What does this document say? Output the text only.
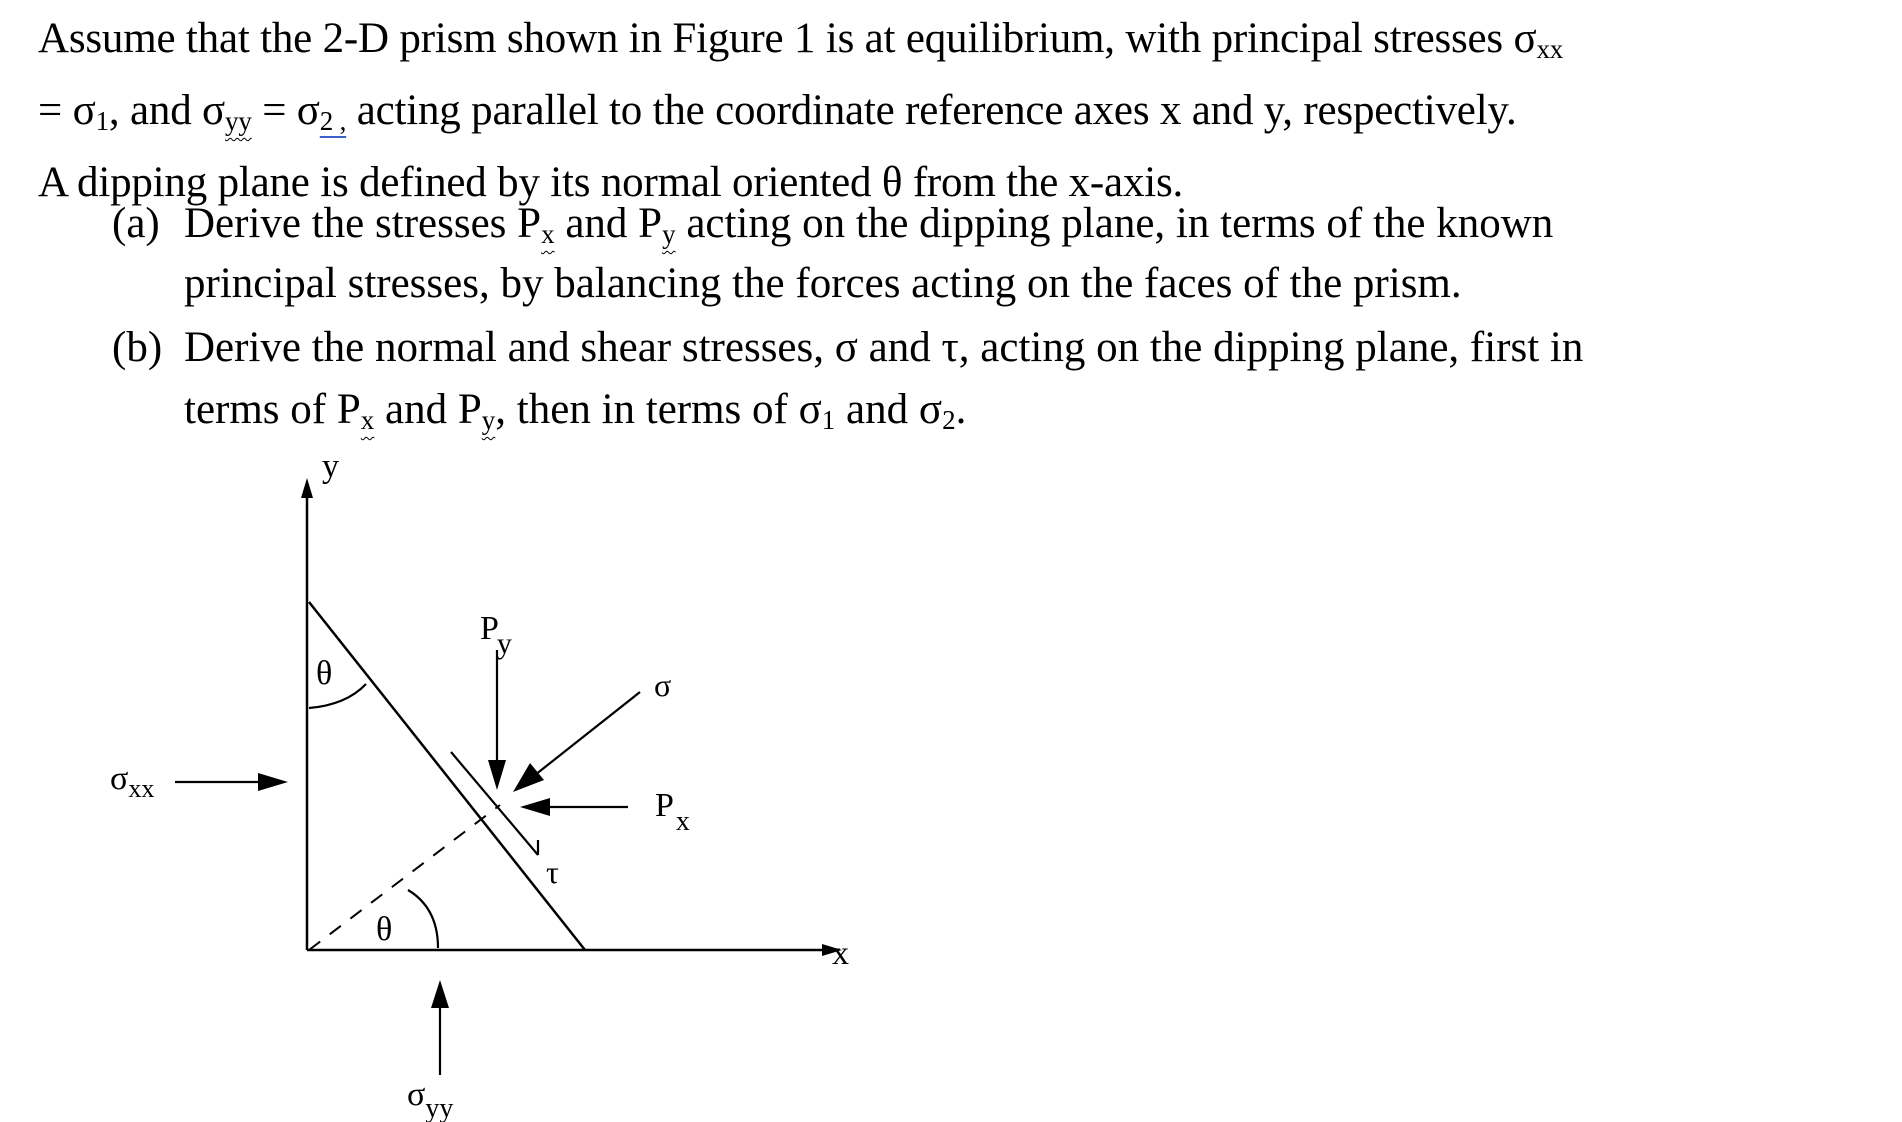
Assume that the 2-D prism shown in Figure 1 is at equilibrium, with principal stresses $\sigma_{xx}$
= $\sigma_1$, and $\sigma_{yy} = \sigma_{2 ,}$ acting parallel to the coordinate reference axes x and y, respectively.
A dipping plane is defined by its normal oriented θ from the x-axis.
(a) Derive the stresses $P_x$ and $P_y$ acting on the dipping plane, in terms of the known
principal stresses, by balancing the forces acting on the faces of the prism.
(b) Derive the normal and shear stresses, σ and τ, acting on the dipping plane, first in
terms of $P_x$ and $P_y$, then in terms of $\sigma_1$ and $\sigma_2$.
y
x
θ
θ
τ
Py
σ
$P_x$
$\sigma_{xx}$
$\sigma_{yy}$
